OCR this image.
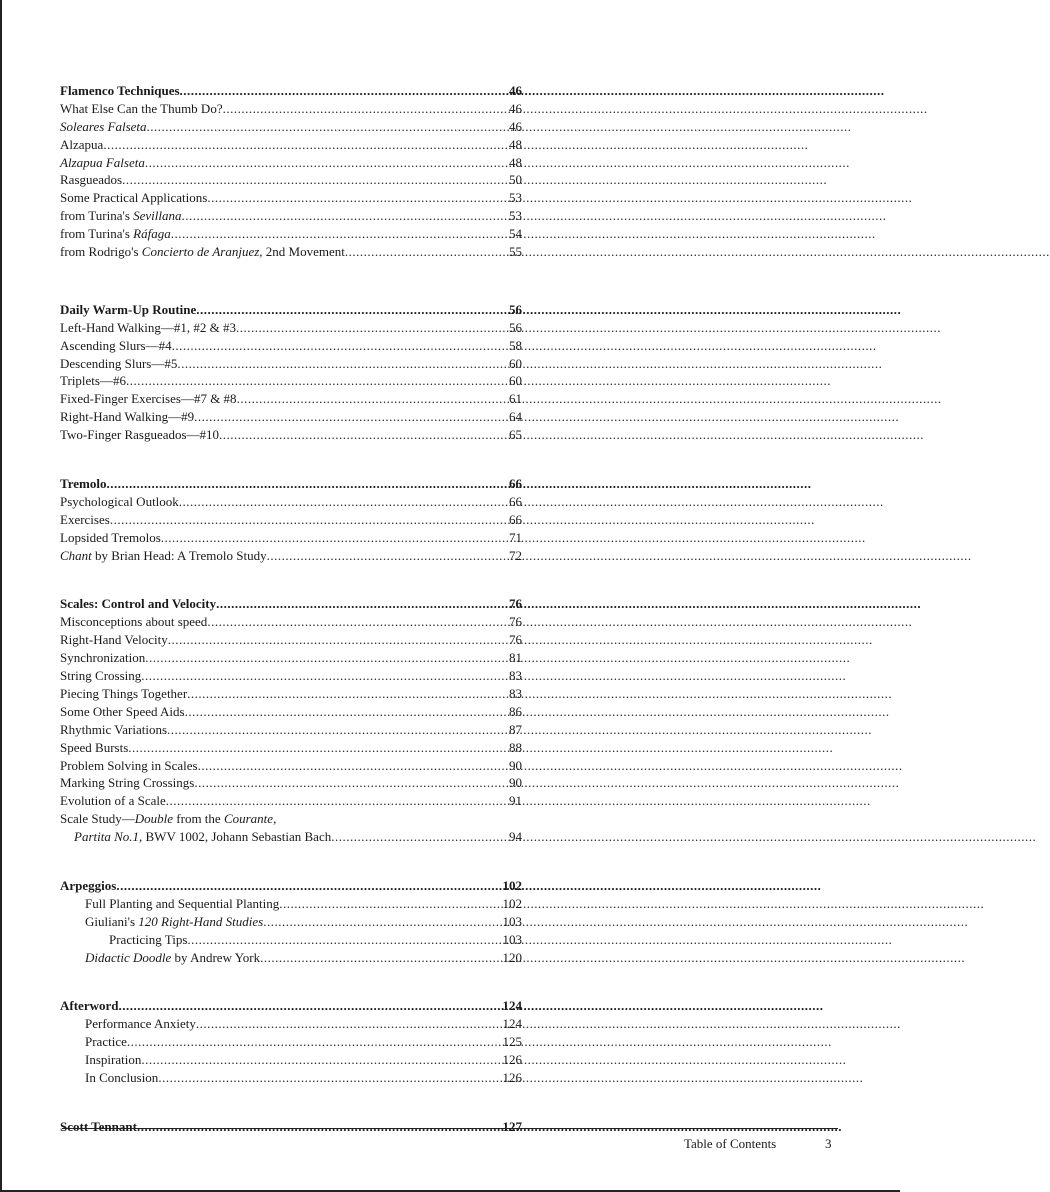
Flamenco Techniques .....	46
What Else Can the Thumb Do? .....	46
Soleares Falseta .....	46
Alzapua .....	48
Alzapua Falseta .....	48
Rasgueados .....	50
Some Practical Applications .....	53
from Turina's Sevillana .....	53
from Turina's Ráfaga .....	54
from Rodrigo's Concierto de Aranjuez, 2nd Movement .....	55
Daily Warm-Up Routine .....	56
Left-Hand Walking—#1, #2 & #3 .....	56
Ascending Slurs—#4 .....	58
Descending Slurs—#5 .....	60
Triplets—#6 .....	60
Fixed-Finger Exercises—#7 & #8 .....	61
Right-Hand Walking—#9 .....	64
Two-Finger Rasgueados—#10 .....	65
Tremolo .....	66
Psychological Outlook .....	66
Exercises .....	66
Lopsided Tremolos .....	71
Chant by Brian Head: A Tremolo Study .....	72
Scales: Control and Velocity .....	76
Misconceptions about speed .....	76
Right-Hand Velocity .....	76
Synchronization .....	81
String Crossing .....	83
Piecing Things Together .....	83
Some Other Speed Aids .....	86
Rhythmic Variations .....	87
Speed Bursts .....	88
Problem Solving in Scales .....	90
Marking String Crossings .....	90
Evolution of a Scale .....	91
Scale Study—Double from the Courante,
Partita No.1, BWV 1002, Johann Sebastian Bach .....	94
Arpeggios .....	102
Full Planting and Sequential Planting .....	102
Giuliani's 120 Right-Hand Studies .....	103
Practicing Tips .....	103
Didactic Doodle by Andrew York .....	120
Afterword .....	124
Performance Anxiety .....	124
Practice .....	125
Inspiration .....	126
In Conclusion .....	126
Scott Tennant .....	127
Table of Contents	3
